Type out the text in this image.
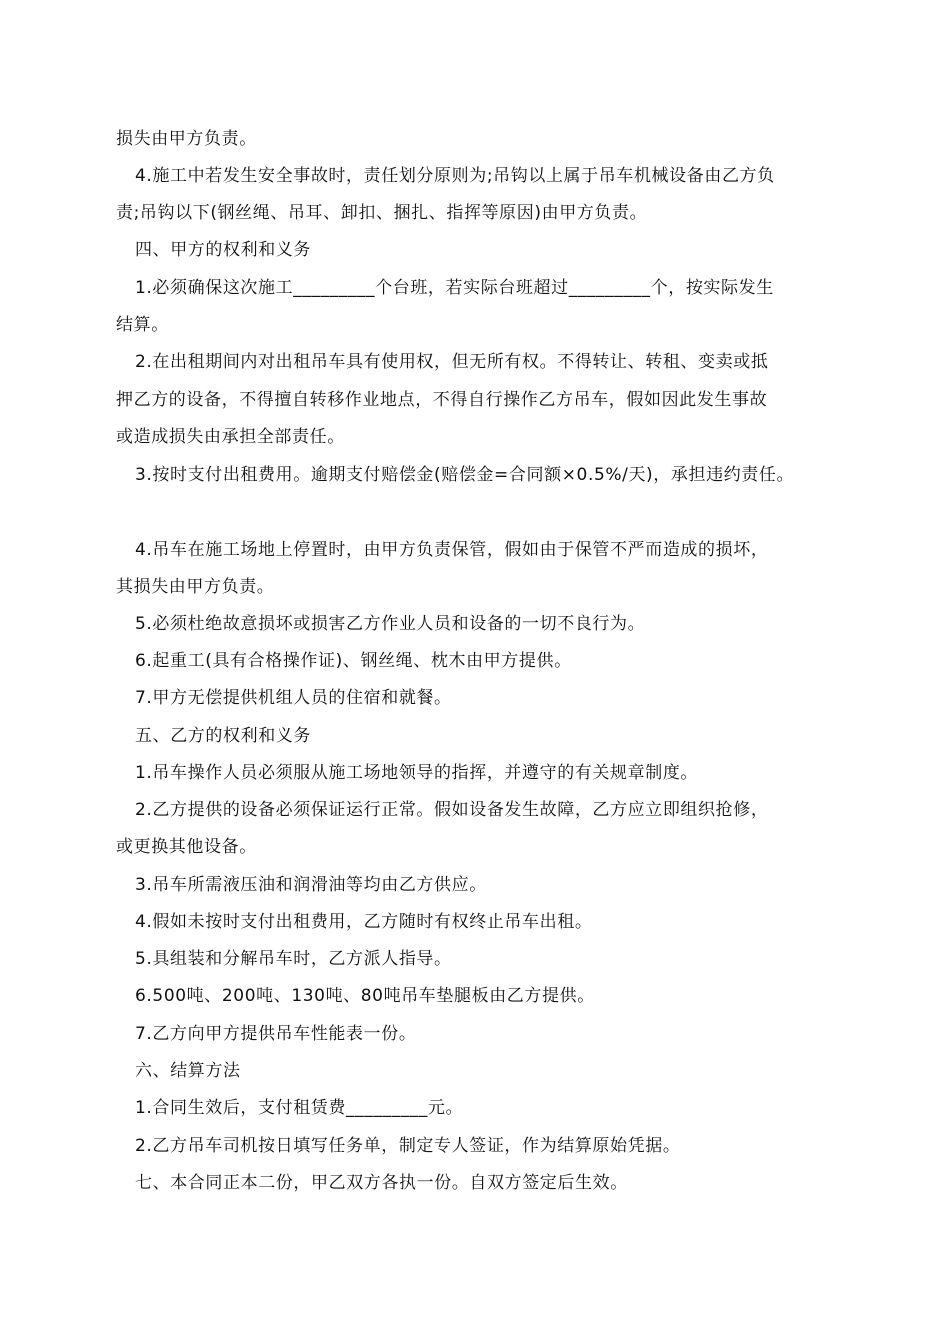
损失由甲方负责。
4.施工中若发生安全事故时，责任划分原则为;吊钩以上属于吊车机械设备由乙方负
责;吊钩以下(钢丝绳、吊耳、卸扣、捆扎、指挥等原因)由甲方负责。
四、甲方的权利和义务
1.必须确保这次施工_________个台班，若实际台班超过_________个，按实际发生
结算。
2.在出租期间内对出租吊车具有使用权，但无所有权。不得转让、转租、变卖或抵
押乙方的设备，不得擅自转移作业地点，不得自行操作乙方吊车，假如因此发生事故
或造成损失由承担全部责任。
3.按时支付出租费用。逾期支付赔偿金(赔偿金=合同额×0.5%/天)，承担违约责任。
4.吊车在施工场地上停置时，由甲方负责保管，假如由于保管不严而造成的损坏，
其损失由甲方负责。
5.必须杜绝故意损坏或损害乙方作业人员和设备的一切不良行为。
6.起重工(具有合格操作证)、钢丝绳、枕木由甲方提供。
7.甲方无偿提供机组人员的住宿和就餐。
五、乙方的权利和义务
1.吊车操作人员必须服从施工场地领导的指挥，并遵守的有关规章制度。
2.乙方提供的设备必须保证运行正常。假如设备发生故障，乙方应立即组织抢修，
或更换其他设备。
3.吊车所需液压油和润滑油等均由乙方供应。
4.假如未按时支付出租费用，乙方随时有权终止吊车出租。
5.具组装和分解吊车时，乙方派人指导。
6.500吨、200吨、130吨、80吨吊车垫腿板由乙方提供。
7.乙方向甲方提供吊车性能表一份。
六、结算方法
1.合同生效后，支付租赁费_________元。
2.乙方吊车司机按日填写任务单，制定专人签证，作为结算原始凭据。
七、本合同正本二份，甲乙双方各执一份。自双方签定后生效。
